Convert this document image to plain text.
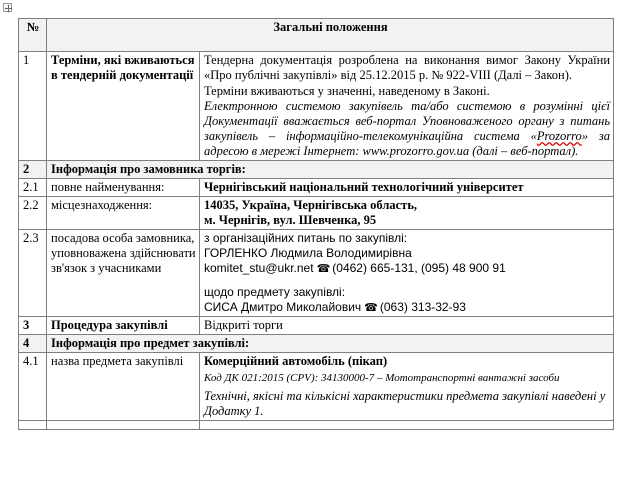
№	Загальні положення	
1	Терміни, які вживаються в тендерній документації	Тендерна документація розроблена на виконання вимог Закону України «Про публічні закупівлі» від 25.12.2015 р. № 922-VIII (Далі – Закон).
Терміни вживаються у значенні, наведеному в Законі.
Електронною системою закупівель та/або системою в розумінні цієї Документації вважається веб-портал Уповноваженого органу з питань закупівель – інформаційно-телекомунікаційна система «Prozorro» за адресою в мережі Інтернет: www.prozorro.gov.ua (далі – веб-портал).

2	Інформація про замовника торгів:	
2.1	повне найменування:	Чернігівський національний технологічний університет
2.2	місцезнаходження:	14035, Україна, Чернігівська область,
м. Чернігів, вул. Шевченка, 95

2.3	посадова особа замовника, уповноважена здійснювати зв'язок з учасниками	з організаційних питань по закупівлі:
ГОРЛЕНКО Людмила Володимирівна
komitet_stu@ukr.net ☎ (0462) 665-131, (095) 48 900 91
щодо предмету закупівлі:
СИСА Дмитро Миколайович ☎ (063) 313-32-93

3	Процедура закупівлі	Відкриті торги
4	Інформація про предмет закупівлі:	
4.1	назва предмета закупівлі	Комерційний автомобіль (пікап)
Код ДК 021:2015 (CPV): 34130000-7 – Мототранспортні вантажні засоби
Технічні, якісні та кількісні характеристики предмета закупівлі наведені у Додатку 1.
